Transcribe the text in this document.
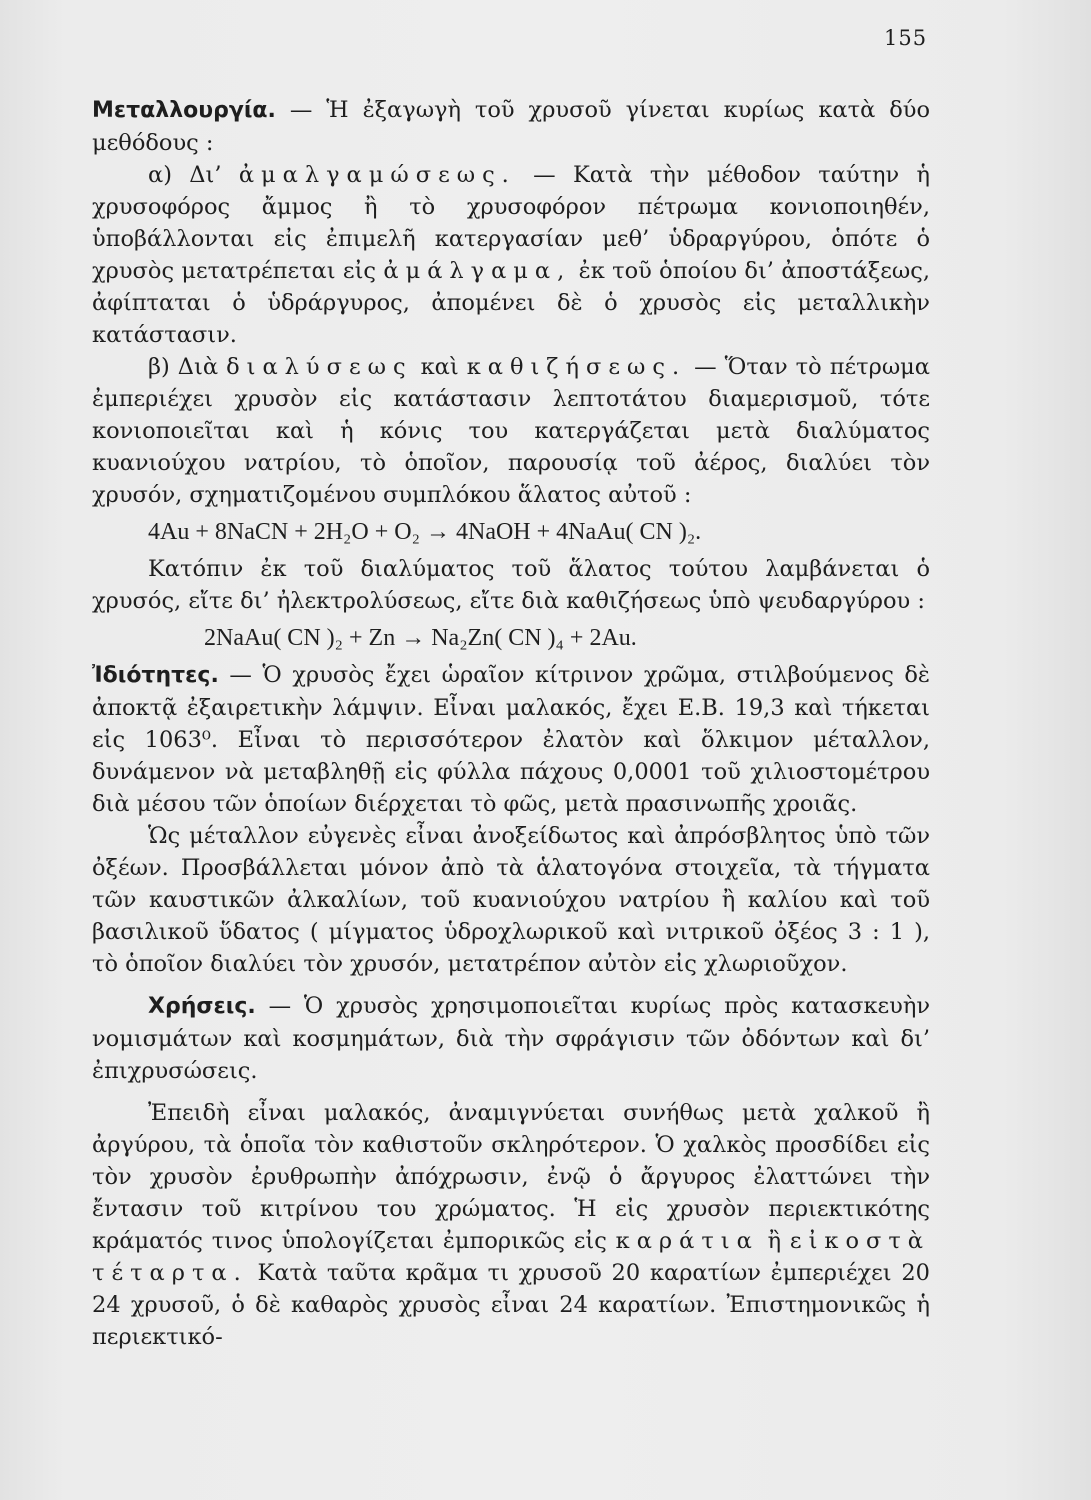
155
Μεταλλουργία. — Ἡ ἐξαγωγὴ τοῦ χρυσοῦ γίνεται κυρίως κατὰ δύο μεθόδους :
α) Δι’ ἀμαλγαμώσεως. — Κατὰ τὴν μέθοδον ταύτην ἡ χρυσοφόρος ἄμμος ἢ τὸ χρυσοφόρον πέτρωμα κονιοποιηθέν, ὑποβάλλονται εἰς ἐπιμελῆ κατεργασίαν μεθ’ ὑδραργύρου, ὁπότε ὁ χρυσὸς μετατρέπεται εἰς ἀμάλγαμα, ἐκ τοῦ ὁποίου δι’ ἀποστάξεως, ἀφίπταται ὁ ὑδράργυρος, ἀπομένει δὲ ὁ χρυσὸς εἰς μεταλλικὴν κατάστασιν.
β) Διὰ διαλύσεως καὶ καθιζήσεως. — Ὅταν τὸ πέτρωμα ἐμπεριέχει χρυσὸν εἰς κατάστασιν λεπτοτάτου διαμερισμοῦ, τότε κονιοποιεῖται καὶ ἡ κόνις του κατεργάζεται μετὰ διαλύματος κυανιούχου νατρίου, τὸ ὁποῖον, παρουσίᾳ τοῦ ἀέρος, διαλύει τὸν χρυσόν, σχηματιζομένου συμπλόκου ἅλατος αὐτοῦ :
4Au + 8NaCN + 2H₂O + O₂ → 4NaOH + 4NaAu( CN )₂.
Κατόπιν ἐκ τοῦ διαλύματος τοῦ ἅλατος τούτου λαμβάνεται ὁ χρυσός, εἴτε δι’ ἠλεκτρολύσεως, εἴτε διὰ καθιζήσεως ὑπὸ ψευδαργύρου :
2NaAu( CN )₂ + Zn → Na₂Zn( CN )₄ + 2Au.
Ἰδιότητες. — Ὁ χρυσὸς ἔχει ὡραῖον κίτρινον χρῶμα, στιλβούμενος δὲ ἀποκτᾷ ἐξαιρετικὴν λάμψιν. Εἶναι μαλακός, ἔχει Ε.Β. 19,3 καὶ τήκεται εἰς 1063⁰. Εἶναι τὸ περισσότερον ἐλατὸν καὶ ὅλκιμον μέταλλον, δυνάμενον νὰ μεταβληθῇ εἰς φύλλα πάχους 0,0001 τοῦ χιλιοστομέτρου διὰ μέσου τῶν ὁποίων διέρχεται τὸ φῶς, μετὰ πρασινωπῆς χροιᾶς.
Ὡς μέταλλον εὐγενὲς εἶναι ἀνοξείδωτος καὶ ἀπρόσβλητος ὑπὸ τῶν ὀξέων. Προσβάλλεται μόνον ἀπὸ τὰ ἁλατογόνα στοιχεῖα, τὰ τήγματα τῶν καυστικῶν ἀλκαλίων, τοῦ κυανιούχου νατρίου ἢ καλίου καὶ τοῦ βασιλικοῦ ὕδατος ( μίγματος ὑδροχλωρικοῦ καὶ νιτρικοῦ ὀξέος 3 : 1 ), τὸ ὁποῖον διαλύει τὸν χρυσόν, μετατρέπον αὐτὸν εἰς χλωριοῦχον.
Χρήσεις. — Ὁ χρυσὸς χρησιμοποιεῖται κυρίως πρὸς κατασκευὴν νομισμάτων καὶ κοσμημάτων, διὰ τὴν σφράγισιν τῶν ὀδόντων καὶ δι’ ἐπιχρυσώσεις.
Ἐπειδὴ εἶναι μαλακός, ἀναμιγνύεται συνήθως μετὰ χαλκοῦ ἢ ἀργύρου, τὰ ὁποῖα τὸν καθιστοῦν σκληρότερον. Ὁ χαλκὸς προσδίδει εἰς τὸν χρυσὸν ἐρυθρωπὴν ἀπόχρωσιν, ἐνῷ ὁ ἄργυρος ἐλαττώνει τὴν ἔντασιν τοῦ κιτρίνου του χρώματος. Ἡ εἰς χρυσὸν περιεκτικότης κράματός τινος ὑπολογίζεται ἐμπορικῶς εἰς καράτια ἢ εἰκοστὰ τέταρτα. Κατὰ ταῦτα κρᾶμα τι χρυσοῦ 20 καρατίων ἐμπεριέχει 20 24 χρυσοῦ, ὁ δὲ καθαρὸς χρυσὸς εἶναι 24 καρατίων. Ἐπιστημονικῶς ἡ περιεκτικό-
